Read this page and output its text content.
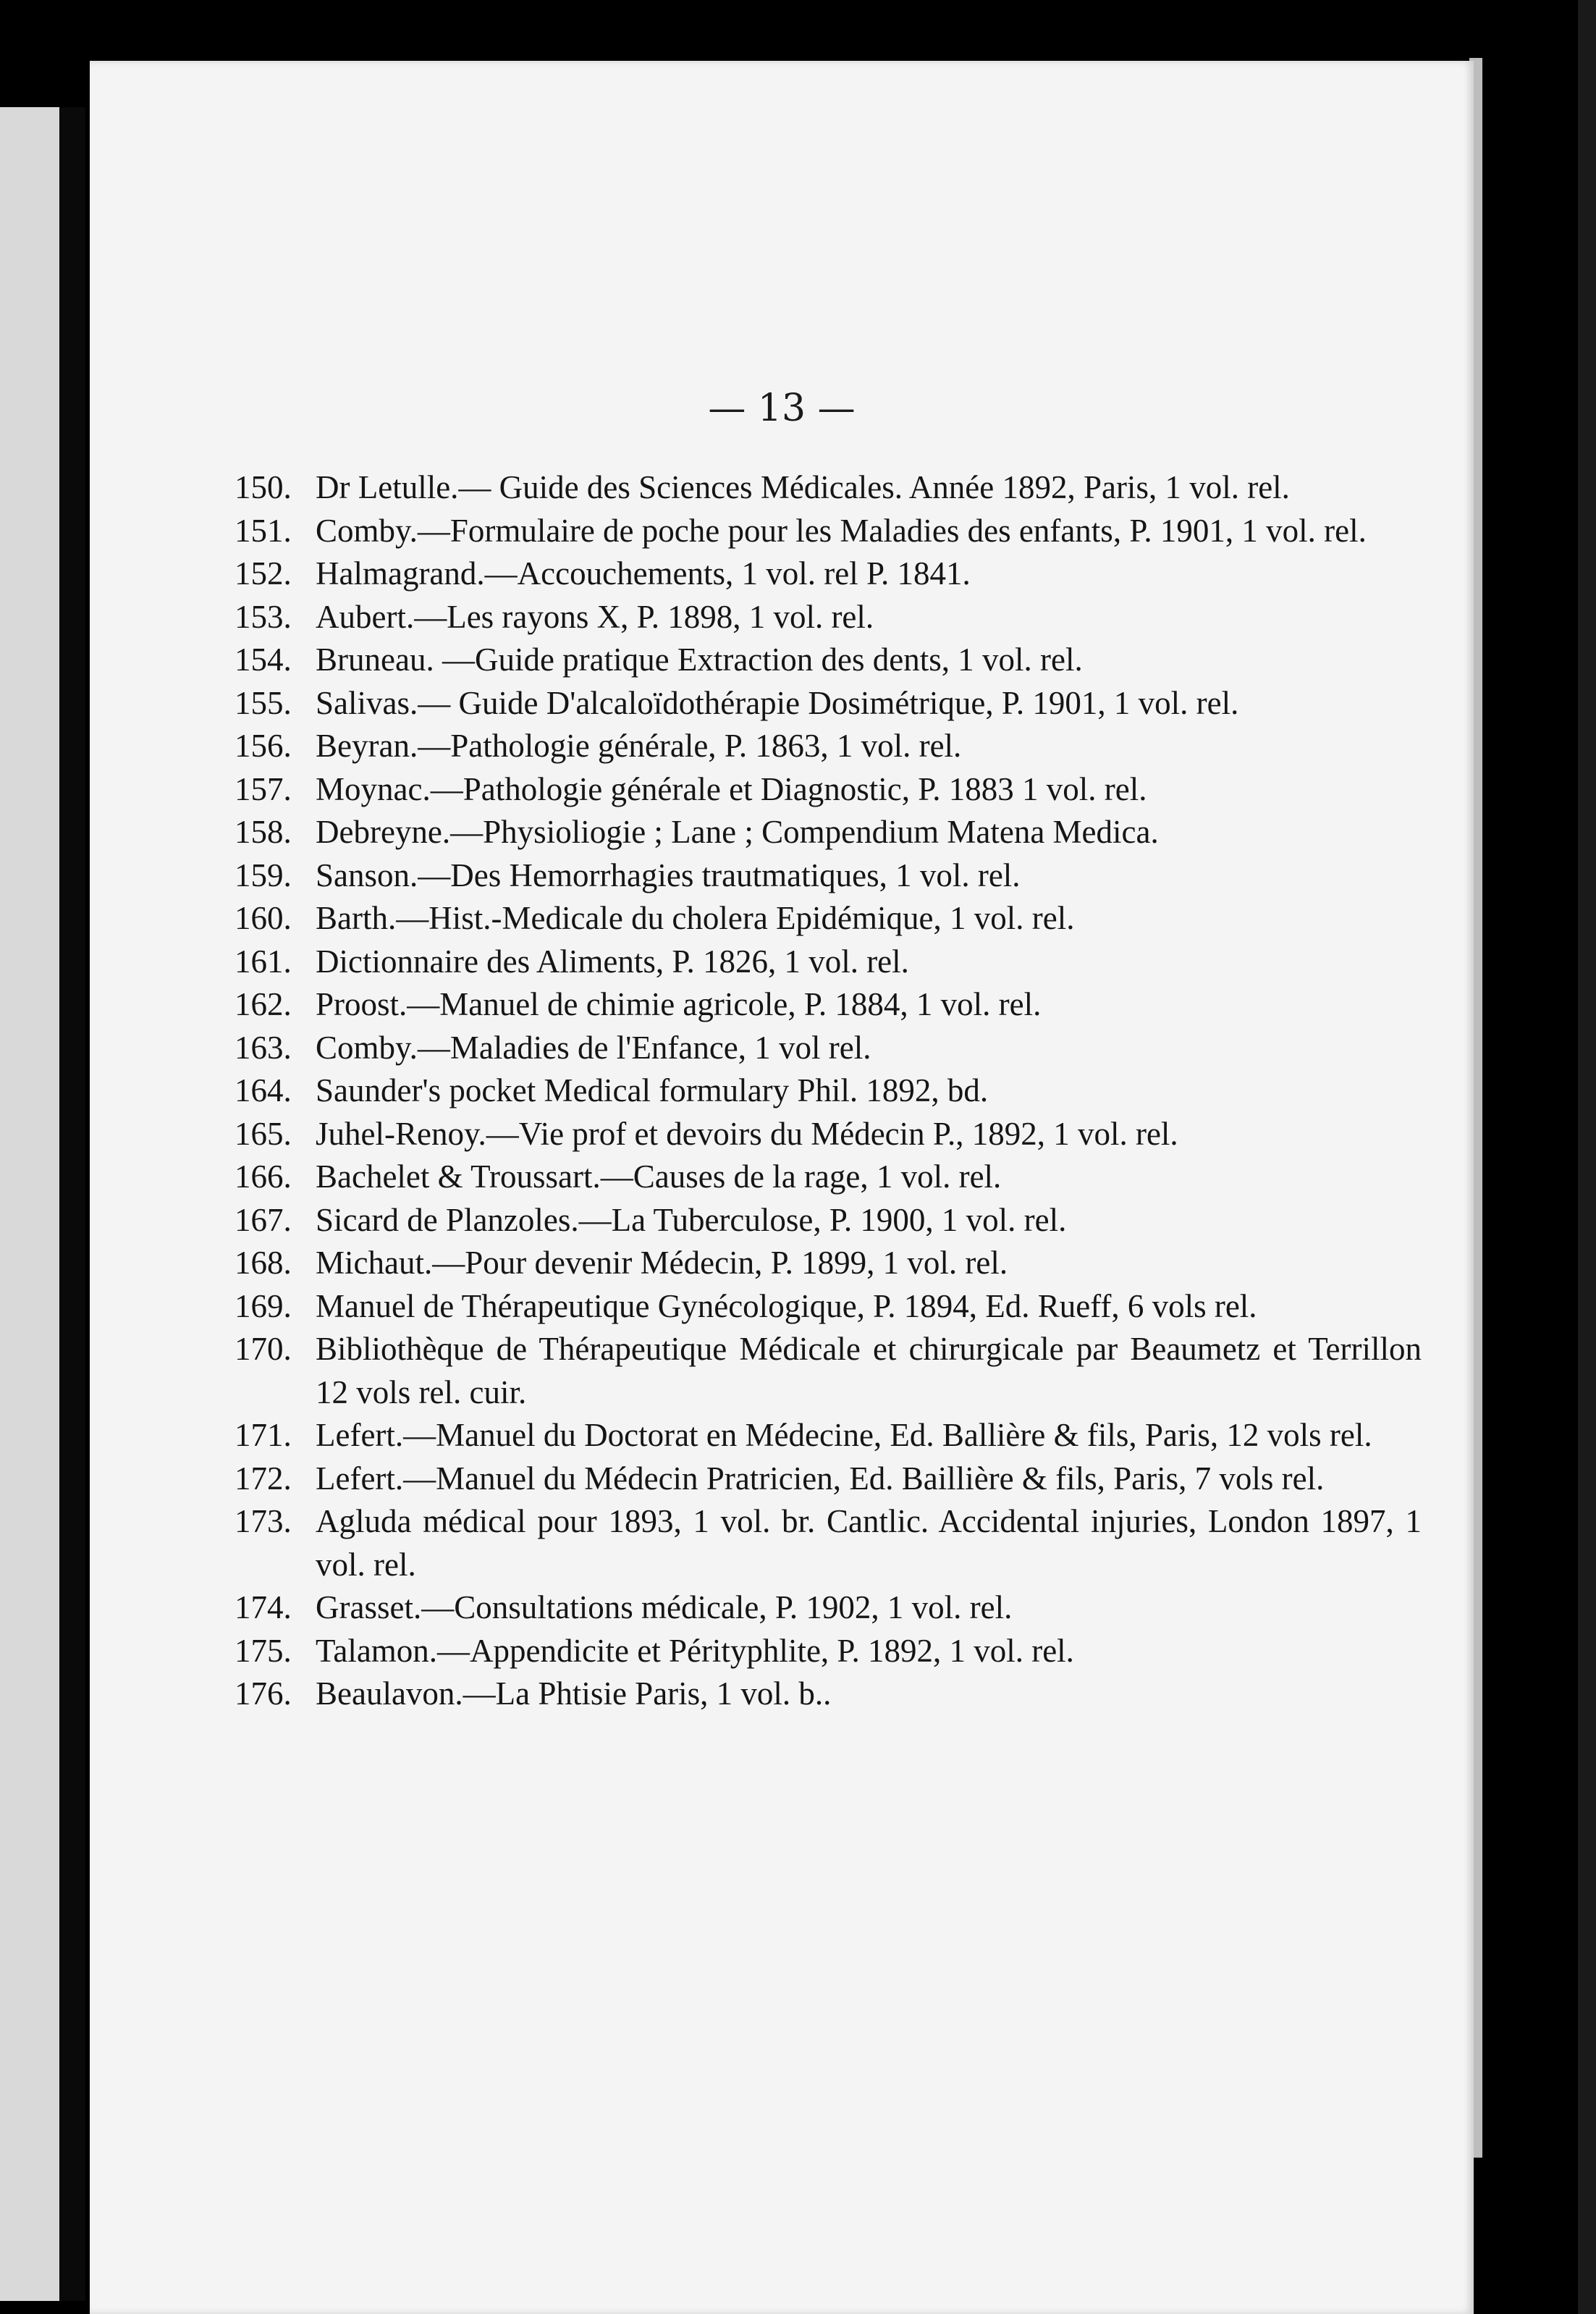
— 13 —

150. Dr Letulle.— Guide des Sciences Médicales. Année 1892, Paris, 1 vol. rel.

151. Comby.—Formulaire de poche pour les Maladies des enfants, P. 1901, 1 vol. rel.

152. Halmagrand.—Accouchements, 1 vol. rel P. 1841.

153. Aubert.—Les rayons X, P. 1898, 1 vol. rel.

154. Bruneau. —Guide pratique Extraction des dents, 1 vol. rel.

155. Salivas.— Guide D'alcaloïdothérapie Dosimétrique, P. 1901, 1 vol. rel.

156. Beyran.—Pathologie générale, P. 1863, 1 vol. rel.

157. Moynac.—Pathologie générale et Diagnostic, P. 1883 1 vol. rel.

158. Debreyne.—Physioliogie ; Lane ; Compendium Matena Medica.

159. Sanson.—Des Hemorrhagies trautmatiques, 1 vol. rel.

160. Barth.—Hist.-Medicale du cholera Epidémique, 1 vol. rel.

161. Dictionnaire des Aliments, P. 1826, 1 vol. rel.

162. Proost.—Manuel de chimie agricole, P. 1884, 1 vol. rel.

163. Comby.—Maladies de l'Enfance, 1 vol rel.

164. Saunder's pocket Medical formulary Phil. 1892, bd.

165. Juhel-Renoy.—Vie prof et devoirs du Médecin P., 1892, 1 vol. rel.

166. Bachelet & Troussart.—Causes de la rage, 1 vol. rel.

167. Sicard de Planzoles.—La Tuberculose, P. 1900, 1 vol. rel.

168. Michaut.—Pour devenir Médecin, P. 1899, 1 vol. rel.

169. Manuel de Thérapeutique Gynécologique, P. 1894, Ed. Rueff, 6 vols rel.

170. Bibliothèque de Thérapeutique Médicale et chirurgicale par Beaumetz et Terrillon 12 vols rel. cuir.

171. Lefert.—Manuel du Doctorat en Médecine, Ed. Ballière & fils, Paris, 12 vols rel.

172. Lefert.—Manuel du Médecin Pratricien, Ed. Baillière & fils, Paris, 7 vols rel.

173. Agluda médical pour 1893, 1 vol. br. Cantlic. Accidental injuries, London 1897, 1 vol. rel.

174. Grasset.—Consultations médicale, P. 1902, 1 vol. rel.

175. Talamon.—Appendicite et Pérityphlite, P. 1892, 1 vol. rel.

176. Beaulavon.—La Phtisie Paris, 1 vol. b..
